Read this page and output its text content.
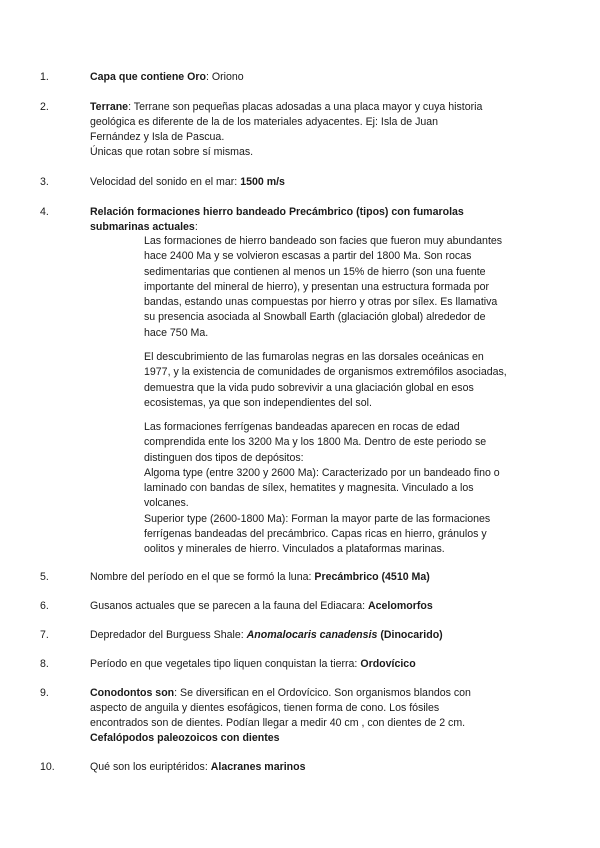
1.	Capa que contiene Oro: Oriono
2.	Terrane: Terrane son pequeñas placas adosadas a una placa mayor y cuya historia
geológica es diferente de la de los materiales adyacentes. Ej: Isla de Juan
Fernández y Isla de Pascua.
Únicas que rotan sobre sí mismas.
3.	Velocidad del sonido en el mar: 1500 m/s
4.	Relación formaciones hierro bandeado Precámbrico (tipos) con fumarolas
submarinas actuales:
Las formaciones de hierro bandeado son facies que fueron muy abundantes
hace 2400 Ma y se volvieron escasas a partir del 1800 Ma. Son rocas
sedimentarias que contienen al menos un 15% de hierro (son una fuente
importante del mineral de hierro), y presentan una estructura formada por
bandas, estando unas compuestas por hierro y otras por sílex. Es llamativa
su presencia asociada al Snowball Earth (glaciación global) alrededor de
hace 750 Ma.
El descubrimiento de las fumarolas negras en las dorsales oceánicas en
1977, y la existencia de comunidades de organismos extremófilos asociadas,
demuestra que la vida pudo sobrevivir a una glaciación global en esos
ecosistemas, ya que son independientes del sol.
Las formaciones ferrígenas bandeadas aparecen en rocas de edad
comprendida ente los 3200 Ma y los 1800 Ma. Dentro de este periodo se
distinguen dos tipos de depósitos:
Algoma type (entre 3200 y 2600 Ma): Caracterizado por un bandeado fino o
laminado con bandas de sílex, hematites y magnesita. Vinculado a los
volcanes.
Superior type (2600-1800 Ma): Forman la mayor parte de las formaciones
ferrígenas bandeadas del precámbrico. Capas ricas en hierro, gránulos y
oolitos y minerales de hierro. Vinculados a plataformas marinas.
5.	Nombre del período en el que se formó la luna: Precámbrico (4510 Ma)
6.	Gusanos actuales que se parecen a la fauna del Ediacara: Acelomorfos
7.	Depredador del Burguess Shale: Anomalocaris canadensis (Dinocarido)
8.	Período en que vegetales tipo liquen conquistan la tierra: Ordovícico
9.	Conodontos son: Se diversifican en el Ordovícico. Son organismos blandos con
aspecto de anguila y dientes esofágicos, tienen forma de cono. Los fósiles
encontrados son de dientes. Podían llegar a medir 40 cm , con dientes de 2 cm.
Cefalópodos paleozoicos con dientes
10.	Qué son los euriptéridos: Alacranes marinos
